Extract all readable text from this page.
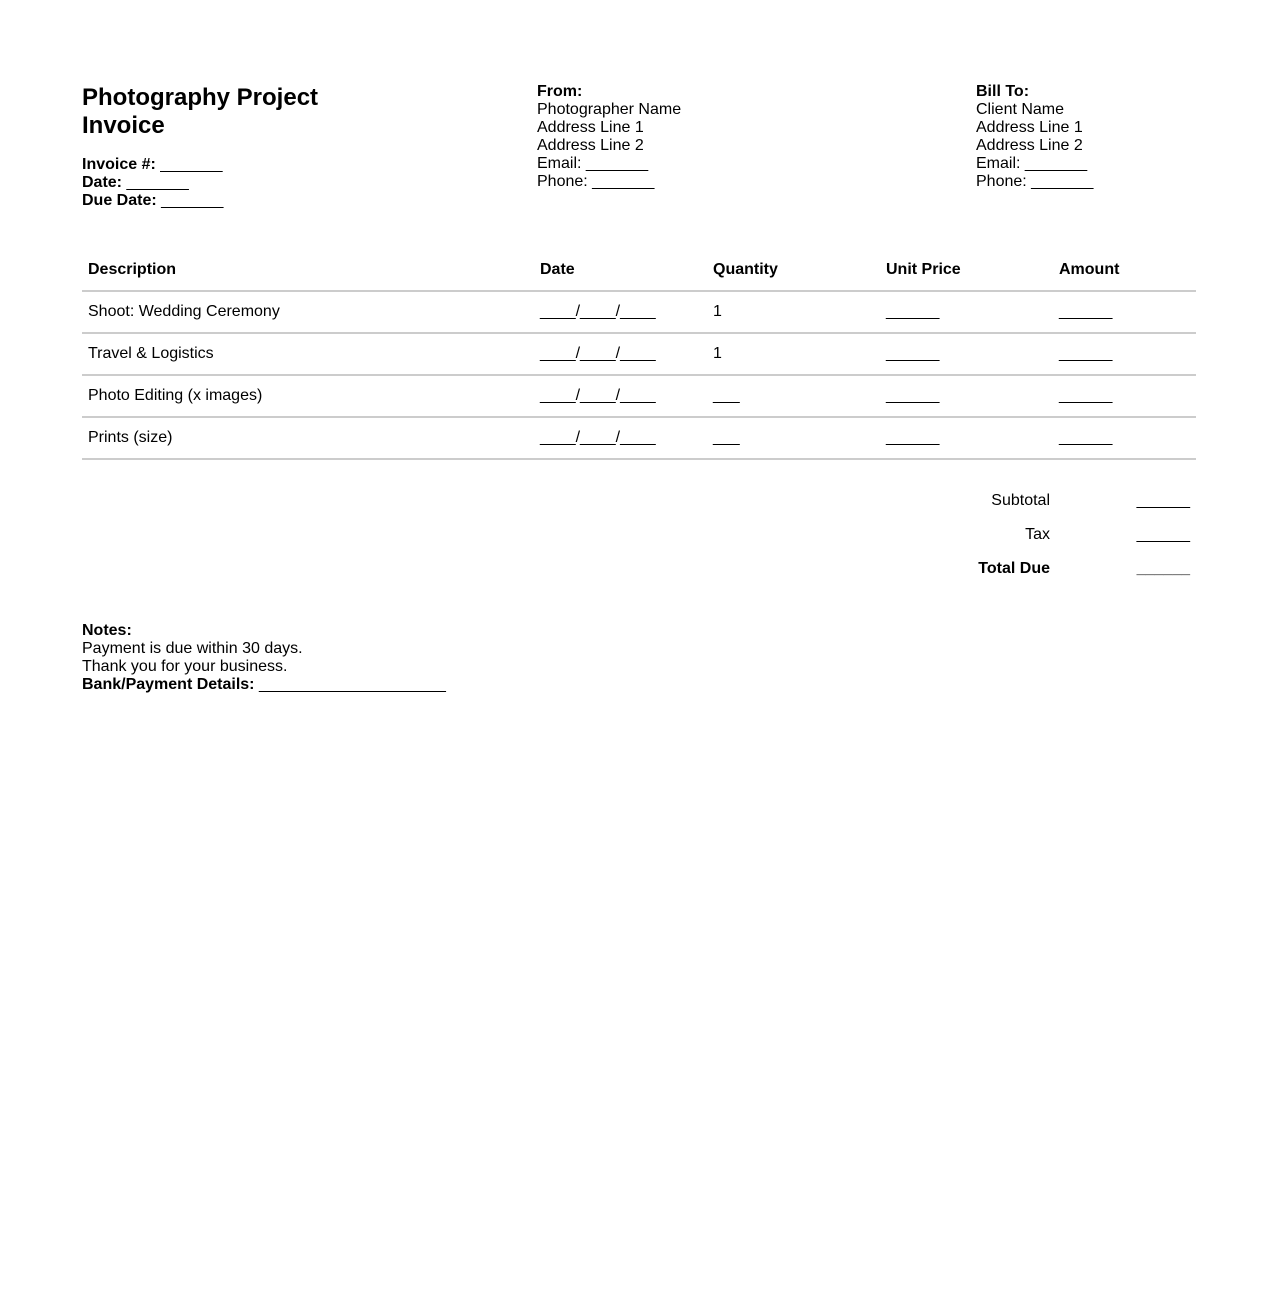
Photography Project
Invoice
Invoice #: _______
Date: _______
Due Date: _______
From:
Photographer Name
Address Line 1
Address Line 2
Email: _______
Phone: _______
Bill To:
Client Name
Address Line 1
Address Line 2
Email: _______
Phone: _______
Description	Date	Quantity	Unit Price	Amount
Shoot: Wedding Ceremony	____/____/____	1	______	______
Travel & Logistics	____/____/____	1	______	______
Photo Editing (x images)	____/____/____	___	______	______
Prints (size)	____/____/____	___	______	______
Subtotal	______
Tax	______
Total Due	______
Notes:
Payment is due within 30 days.
Thank you for your business.
Bank/Payment Details: _____________________
